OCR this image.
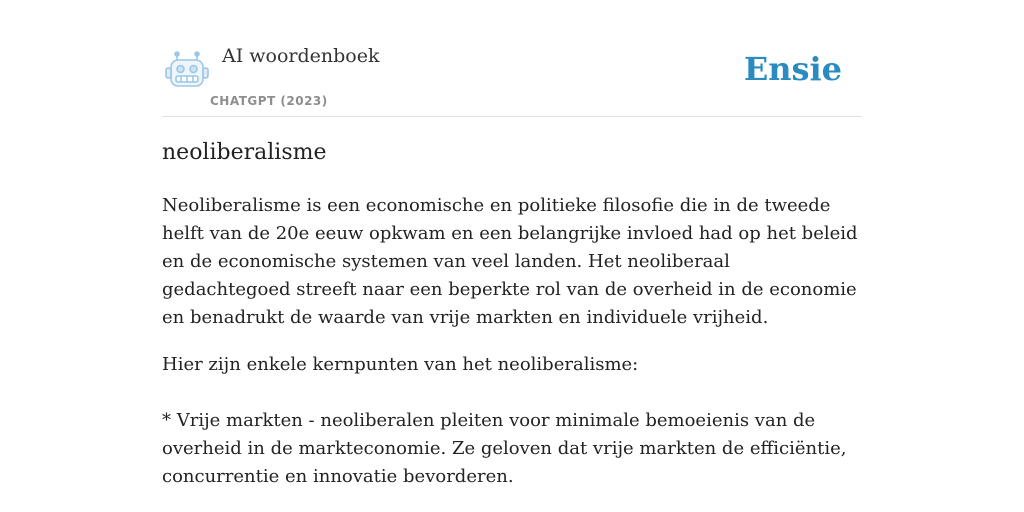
AI woordenboek
CHATGPT (2023)
Ensie
neoliberalisme

Neoliberalisme is een economische en politieke filosofie die in de tweede helft van de 20e eeuw opkwam en een belangrijke invloed had op het beleid en de economische systemen van veel landen. Het neoliberaal gedachtegoed streeft naar een beperkte rol van de overheid in de economie en benadrukt de waarde van vrije markten en individuele vrijheid.

Hier zijn enkele kernpunten van het neoliberalisme:

* Vrije markten - neoliberalen pleiten voor minimale bemoeienis van de overheid in de markteconomie. Ze geloven dat vrije markten de efficiëntie, concurrentie en innovatie bevorderen.
